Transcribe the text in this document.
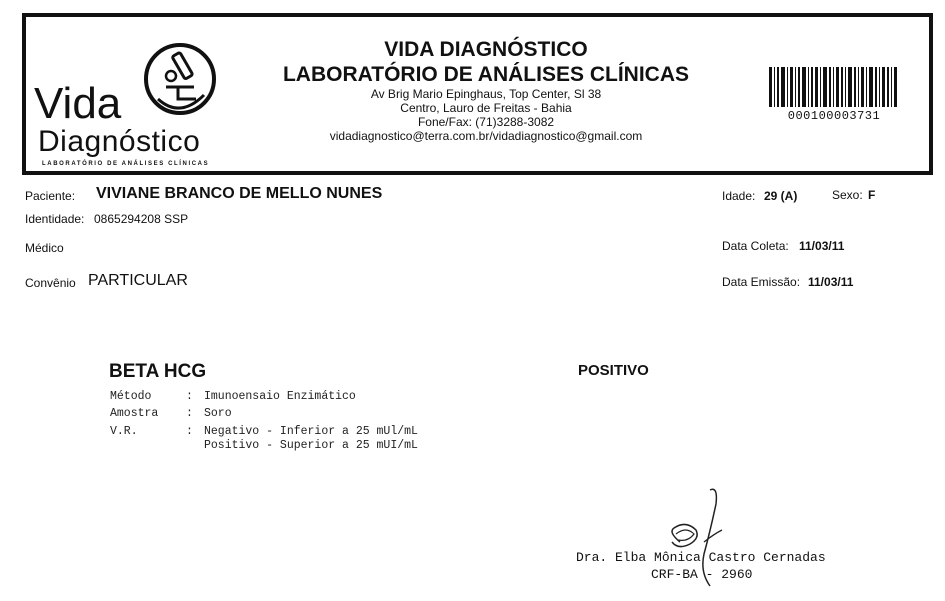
Vida
Diagnóstico
LABORATÓRIO DE ANÁLISES CLÍNICAS
VIDA DIAGNÓSTICO
LABORATÓRIO DE ANÁLISES CLÍNICAS
Av Brig Mario Epinghaus, Top Center, Sl 38
Centro, Lauro de Freitas - Bahia
Fone/Fax: (71)3288-3082
vidadiagnostico@terra.com.br/vidadiagnostico@gmail.com
000100003731
Paciente: VIVIANE BRANCO DE MELLO NUNES
Identidade: 0865294208 SSP
Médico
Convênio PARTICULAR
Idade: 29 (A)	Sexo: F
Data Coleta: 11/03/11
Data Emissão: 11/03/11
BETA HCG	POSITIVO
Método	: Imunoensaio Enzimático
Amostra : Soro
V.R.	: Negativo - Inferior a 25 mUl/mL
Positivo - Superior a 25 mUI/mL
Dra. Elba Mônica Castro Cernadas
CRF-BA - 2960
